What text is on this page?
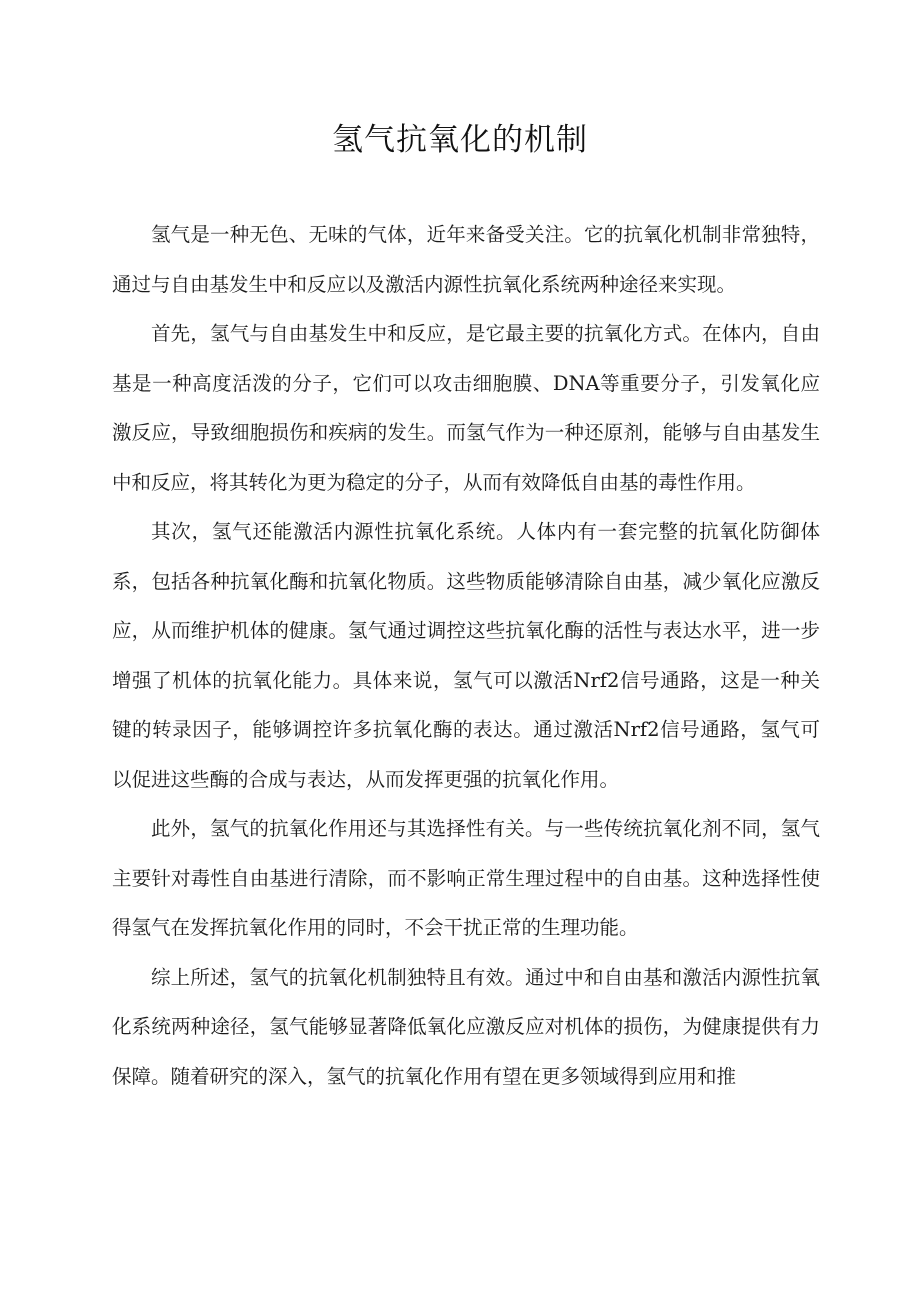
氢气抗氧化的机制

氢气是一种无色、无味的气体，近年来备受关注。它的抗氧化机制非常独特，通过与自由基发生中和反应以及激活内源性抗氧化系统两种途径来实现。

首先，氢气与自由基发生中和反应，是它最主要的抗氧化方式。在体内，自由基是一种高度活泼的分子，它们可以攻击细胞膜、DNA等重要分子，引发氧化应激反应，导致细胞损伤和疾病的发生。而氢气作为一种还原剂，能够与自由基发生中和反应，将其转化为更为稳定的分子，从而有效降低自由基的毒性作用。

其次，氢气还能激活内源性抗氧化系统。人体内有一套完整的抗氧化防御体系，包括各种抗氧化酶和抗氧化物质。这些物质能够清除自由基，减少氧化应激反应，从而维护机体的健康。氢气通过调控这些抗氧化酶的活性与表达水平，进一步增强了机体的抗氧化能力。具体来说，氢气可以激活Nrf2信号通路，这是一种关键的转录因子，能够调控许多抗氧化酶的表达。通过激活Nrf2信号通路，氢气可以促进这些酶的合成与表达，从而发挥更强的抗氧化作用。

此外，氢气的抗氧化作用还与其选择性有关。与一些传统抗氧化剂不同，氢气主要针对毒性自由基进行清除，而不影响正常生理过程中的自由基。这种选择性使得氢气在发挥抗氧化作用的同时，不会干扰正常的生理功能。

综上所述，氢气的抗氧化机制独特且有效。通过中和自由基和激活内源性抗氧化系统两种途径，氢气能够显著降低氧化应激反应对机体的损伤，为健康提供有力保障。随着研究的深入，氢气的抗氧化作用有望在更多领域得到应用和推
